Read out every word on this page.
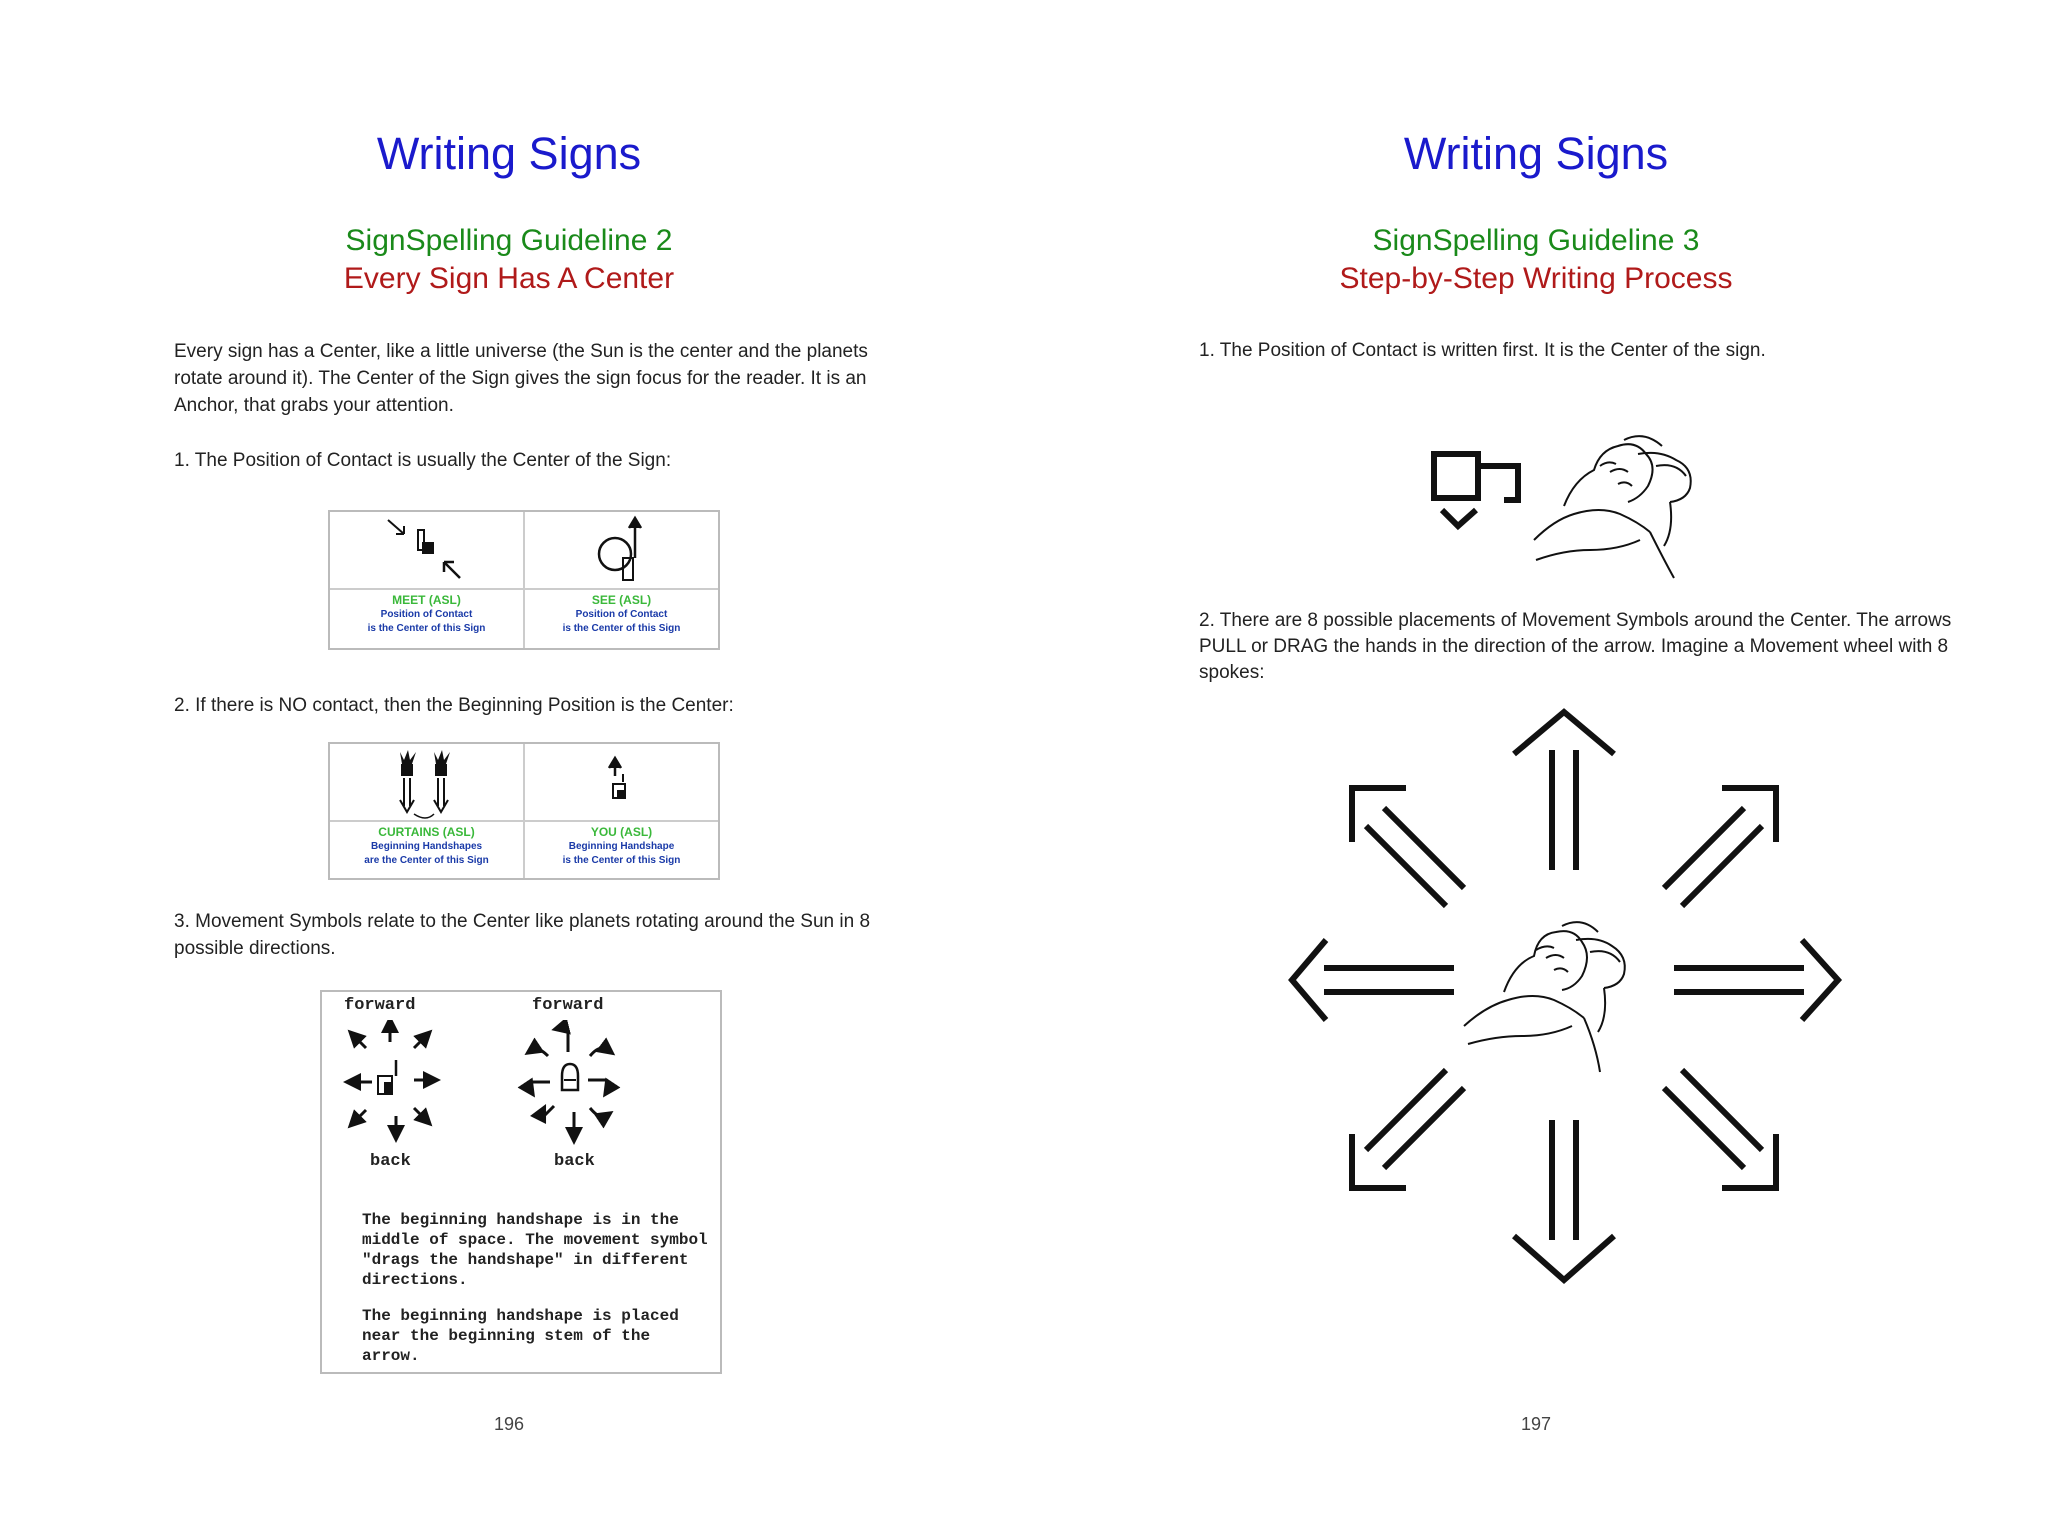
Writing Signs
SignSpelling Guideline 2
Every Sign Has A Center
Every sign has a Center, like a little universe (the Sun is the center and the planets rotate around it). The Center of the Sign gives the sign focus for the reader. It is an Anchor, that grabs your attention.
1. The Position of Contact is usually the Center of the Sign:
MEET (ASL)
Position of Contact
is the Center of this Sign
SEE (ASL)
Position of Contact
is the Center of this Sign
2. If there is NO contact, then the Beginning Position is the Center:
CURTAINS (ASL)
Beginning Handshapes
are the Center of this Sign
YOU (ASL)
Beginning Handshape
is the Center of this Sign
3. Movement Symbols relate to the Center like planets rotating around the Sun in 8 possible directions.
forward	forward
back	back
The beginning handshape is in the middle of space. The movement symbol "drags the handshape" in different directions.
The beginning handshape is placed near the beginning stem of the arrow.
196
Writing Signs
SignSpelling Guideline 3
Step-by-Step Writing Process
1. The Position of Contact is written first. It is the Center of the sign.
2. There are 8 possible placements of Movement Symbols around the Center. The arrows PULL or DRAG the hands in the direction of the arrow. Imagine a Movement wheel with 8 spokes:
197
